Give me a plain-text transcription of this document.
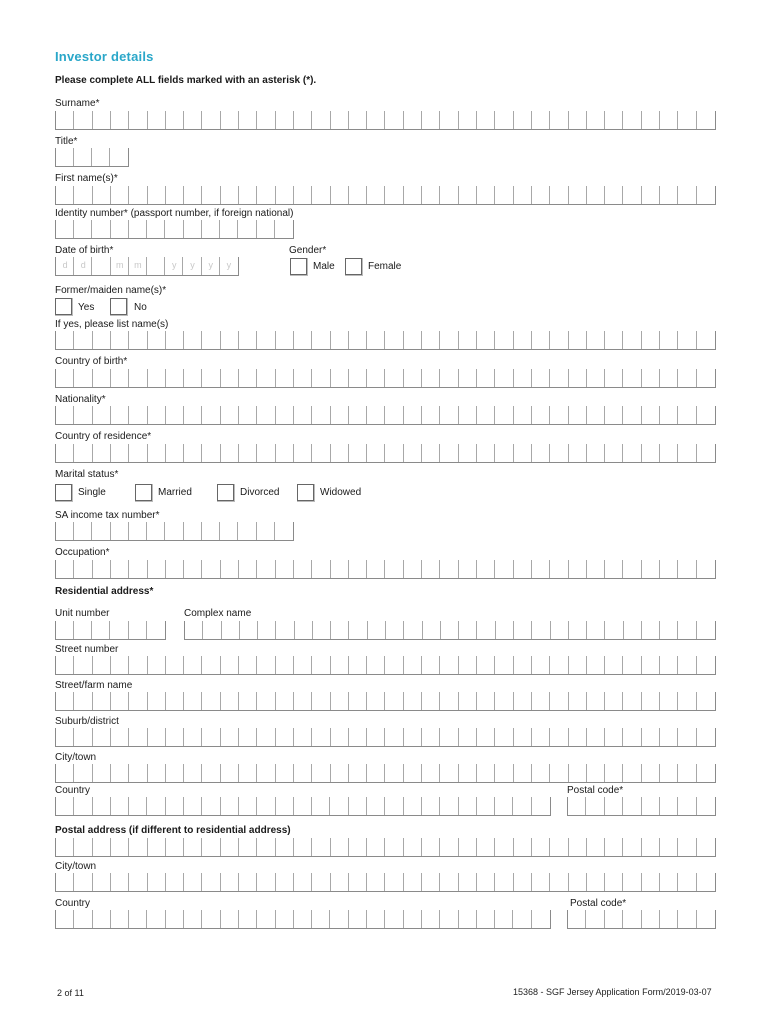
Investor details
Please complete ALL fields marked with an asterisk (*).
Surname*
Title*
First name(s)*
Identity number* (passport number, if foreign national)
Date of birth*
d	d	m	m	y	y	y	y
Gender*
Male	Female
Former/maiden name(s)*
Yes	No
If yes, please list name(s)
Country of birth*
Nationality*
Country of residence*
Marital status*
Single	Married	Divorced	Widowed
SA income tax number*
Occupation*
Residential address*
Unit number	Complex name
Street number
Street/farm name
Suburb/district
City/town
Country	Postal code*
Postal address (if different to residential address)
City/town
Country	Postal code*
2 of 11	15368 - SGF Jersey Application Form/2019-03-07
